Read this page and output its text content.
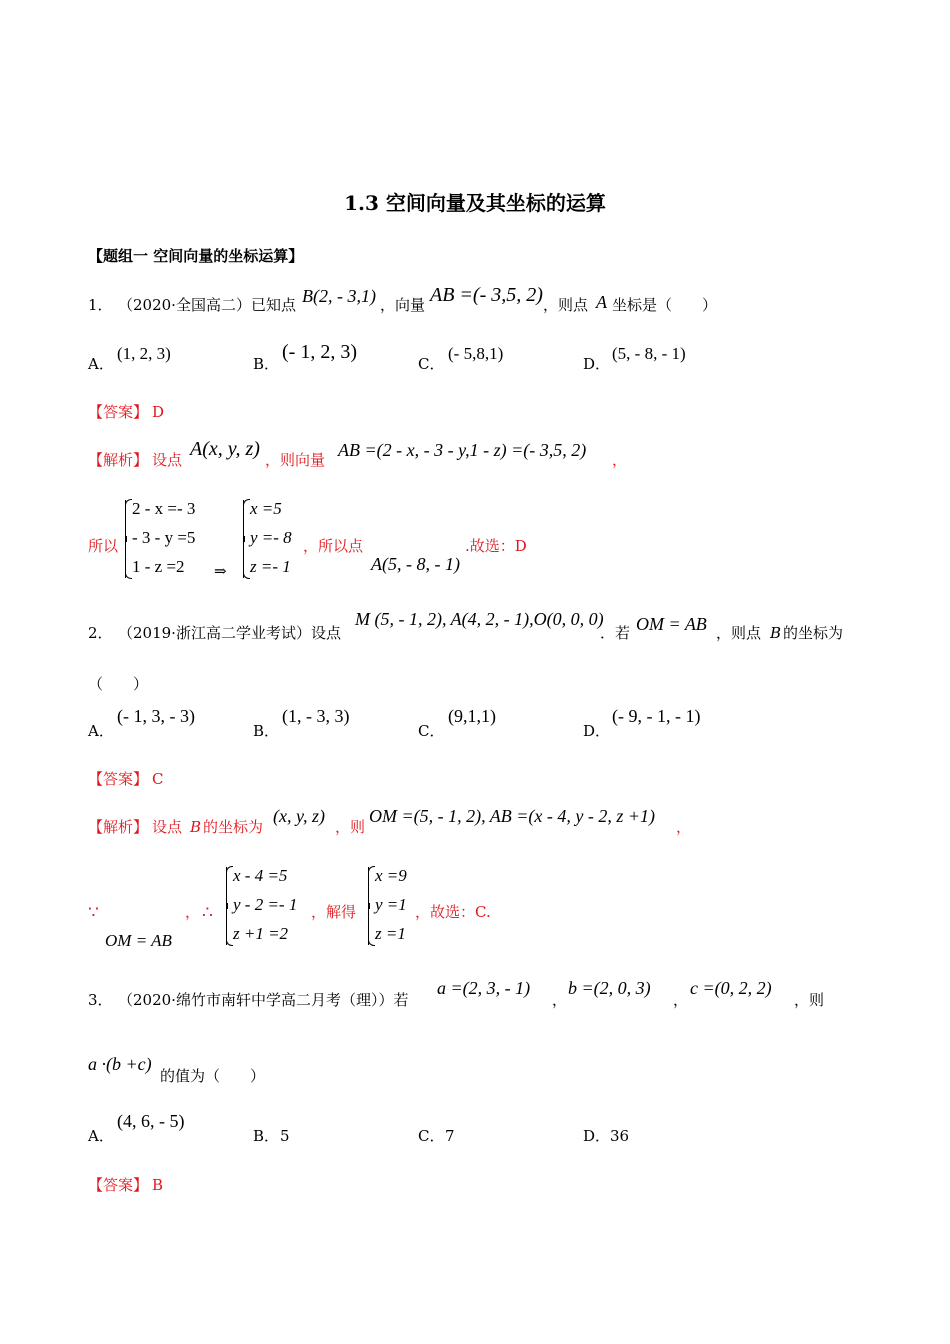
1.3 空间向量及其坐标的运算
【题组一 空间向量的坐标运算】
1． （2020·全国高二）已知点 B(2, - 3,1) ，向量 AB =(- 3,5, 2) ，则点 A 坐标是（　　）
A．
(1, 2, 3)
B．
(- 1, 2, 3)
C．
(- 5,8,1)
D．
(5, - 8, - 1)
【答案】 D
【解析】 设点 A(x, y, z) ，则向量 AB =(2 - x, - 3 - y,1 - z) =(- 3,5, 2) ，
所以
2 - x =- 3
- 3 - y =5
1 - z =2 ⇒
x =5
y =- 8
z =- 1
，所以点
A(5, - 8, - 1)
.故选：D
2． （2019·浙江高二学业考试）设点
M (5, - 1, 2), A(4, 2, - 1),O(0, 0, 0)
．若 OM = AB ，则点 B 的坐标为
（　　）
A．
(- 1, 3, - 3)
B．
(1, - 3, 3)
C．
(9,1,1)
D．
(- 9, - 1, - 1)
【答案】 C
【解析】 设点 B 的坐标为
(x, y, z)
，则
OM =(5, - 1, 2), AB =(x - 4, y - 2, z +1)
，
∵
OM = AB
， ∴
x - 4 =5
y - 2 =- 1
z +1 =2
，解得
x =9
y =1
z =1
，故选：C.
3． （2020·绵竹市南轩中学高二月考（理））若
a =(2, 3, - 1)
，
b =(2, 0, 3)
，
c =(0, 2, 2)
，则
a ·(b +c)
的值为（　　）
A．
(4, 6, - 5)
B． 5	C． 7	D． 36
【答案】 B
